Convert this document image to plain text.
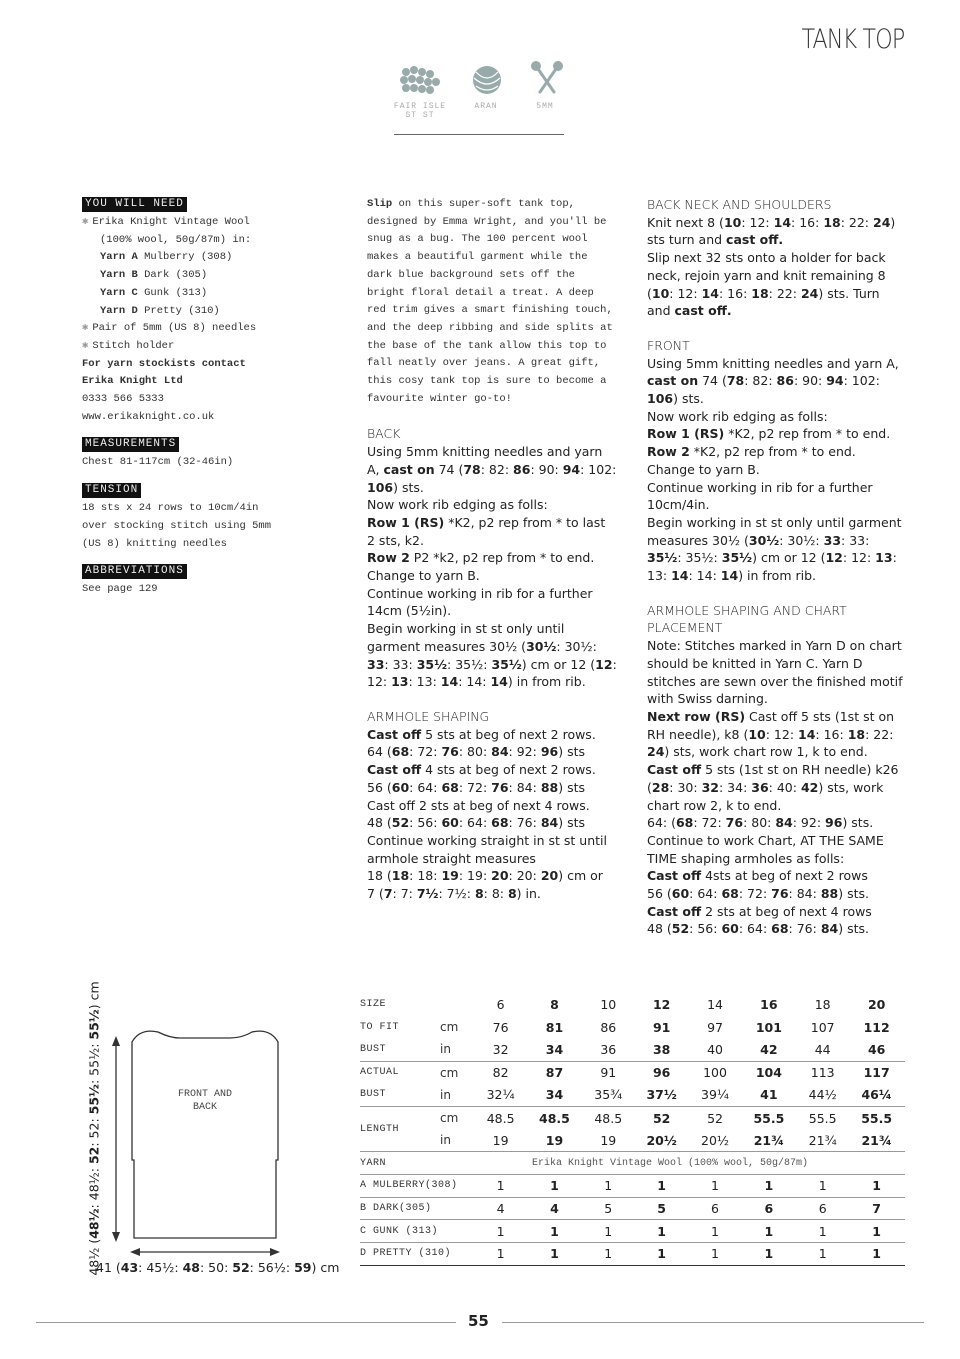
TANK TOP
FAIR ISLE
ST ST
ARAN	5MM
YOU WILL NEED
✱ Erika Knight Vintage Wool
(100% wool, 50g/87m) in:
Yarn A Mulberry (308)
Yarn B Dark (305)
Yarn C Gunk (313)
Yarn D Pretty (310)
✱ Pair of 5mm (US 8) needles
✱ Stitch holder
For yarn stockists contact
Erika Knight Ltd
0333 566 5333
www.erikaknight.co.uk
MEASUREMENTS
Chest 81-117cm (32-46in)
TENSION
18 sts x 24 rows to 10cm/4in
over stocking stitch using 5mm
(US 8) knitting needles
ABBREVIATIONS
See page 129
Slip on this super-soft tank top, designed by Emma Wright, and you'll be snug as a bug. The 100 percent wool makes a beautiful garment while the dark blue background sets off the bright floral detail a treat. A deep red trim gives a smart finishing touch, and the deep ribbing and side splits at the base of the tank allow this top to fall neatly over jeans. A great gift, this cosy tank top is sure to become a favourite winter go-to!
BACK
Using 5mm knitting needles and yarn A, cast on 74 (78: 82: 86: 90: 94: 102: 106) sts.
Now work rib edging as folls:
Row 1 (RS) *K2, p2 rep from * to last 2 sts, k2.
Row 2 P2 *k2, p2 rep from * to end.
Change to yarn B.
Continue working in rib for a further 14cm (5½in).
Begin working in st st only until garment measures 30½ (30½: 30½: 33: 33: 35½: 35½: 35½) cm or 12 (12: 12: 13: 13: 14: 14: 14) in from rib.
ARMHOLE SHAPING
Cast off 5 sts at beg of next 2 rows.
64 (68: 72: 76: 80: 84: 92: 96) sts
Cast off 4 sts at beg of next 2 rows.
56 (60: 64: 68: 72: 76: 84: 88) sts
Cast off 2 sts at beg of next 4 rows.
48 (52: 56: 60: 64: 68: 76: 84) sts
Continue working straight in st st until armhole straight measures
18 (18: 18: 19: 19: 20: 20: 20) cm or
7 (7: 7: 7½: 7½: 8: 8: 8) in.
BACK NECK AND SHOULDERS
Knit next 8 (10: 12: 14: 16: 18: 22: 24) sts turn and cast off.
Slip next 32 sts onto a holder for back neck, rejoin yarn and knit remaining 8 (10: 12: 14: 16: 18: 22: 24) sts. Turn and cast off.
FRONT
Using 5mm knitting needles and yarn A, cast on 74 (78: 82: 86: 90: 94: 102: 106) sts.
Now work rib edging as folls:
Row 1 (RS) *K2, p2 rep from * to end.
Row 2 *K2, p2 rep from * to end.
Change to yarn B.
Continue working in rib for a further 10cm/4in.
Begin working in st st only until garment measures 30½ (30½: 30½: 33: 33: 35½: 35½: 35½) cm or 12 (12: 12: 13: 13: 14: 14: 14) in from rib.
ARMHOLE SHAPING AND CHART PLACEMENT
Note: Stitches marked in Yarn D on chart should be knitted in Yarn C. Yarn D stitches are sewn over the finished motif with Swiss darning.
Next row (RS) Cast off 5 sts (1st st on RH needle), k8 (10: 12: 14: 16: 18: 22: 24) sts, work chart row 1, k to end.
Cast off 5 sts (1st st on RH needle) k26 (28: 30: 32: 34: 36: 40: 42) sts, work chart row 2, k to end.
64: (68: 72: 76: 80: 84: 92: 96) sts.
Continue to work Chart, AT THE SAME TIME shaping armholes as folls:
Cast off 4sts at beg of next 2 rows
56 (60: 64: 68: 72: 76: 84: 88) sts.
Cast off 2 sts at beg of next 4 rows
48 (52: 56: 60: 64: 68: 76: 84) sts.
FRONT AND
BACK
48½ (48½: 48½: 52: 52: 55½: 55½: 55½) cm
41 (43: 45½: 48: 50: 52: 56½: 59) cm
SIZE		6	8	10	12	14	16	18	20
TO FIT	cm	76	81	86	91	97	101	107	112
BUST	in	32	34	36	38	40	42	44	46
ACTUAL	cm	82	87	91	96	100	104	113	117
BUST	in	32¼	34	35¾	37½	39¼	41	44½	46¼
LENGTH	cm	48.5	48.5	48.5	52	52	55.5	55.5	55.5
	in	19	19	19	20½	20½	21¾	21¾	21¾
YARN	Erika Knight Vintage Wool (100% wool, 50g/87m)								
A MULBERRY(308)		1	1	1	1	1	1	1	1
B DARK(305)		4	4	5	5	6	6	6	7
C GUNK (313)		1	1	1	1	1	1	1	1
D PRETTY (310)		1	1	1	1	1	1	1	1
55
